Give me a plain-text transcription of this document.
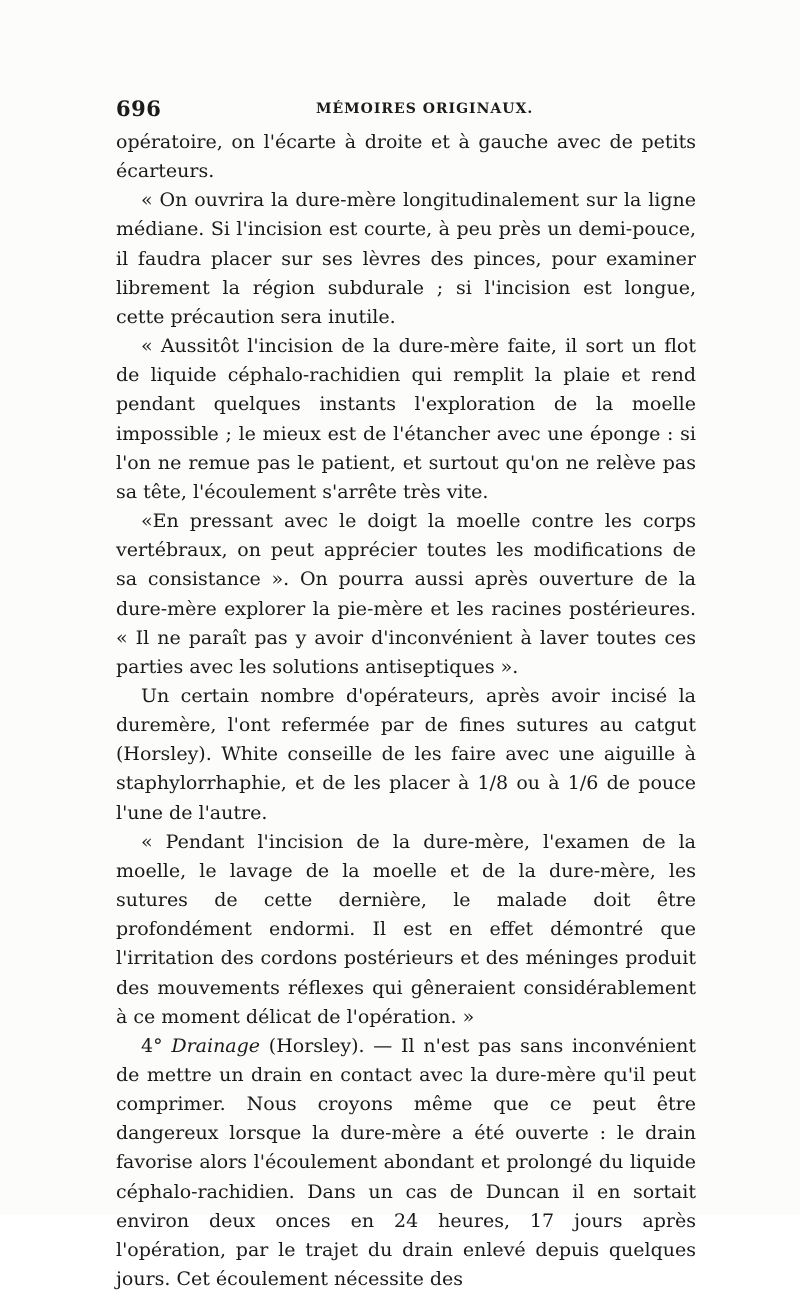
696	MÉMOIRES ORIGINAUX.

opératoire, on l'écarte à droite et à gauche avec de petits écarteurs.

« On ouvrira la dure-mère longitudinalement sur la ligne médiane. Si l'incision est courte, à peu près un demi-pouce, il faudra placer sur ses lèvres des pinces, pour examiner librement la région subdurale ; si l'incision est longue, cette précaution sera inutile.

« Aussitôt l'incision de la dure-mère faite, il sort un flot de liquide céphalo-rachidien qui remplit la plaie et rend pendant quelques instants l'exploration de la moelle impossible ; le mieux est de l'étancher avec une éponge : si l'on ne remue pas le patient, et surtout qu'on ne relève pas sa tête, l'écoulement s'arrête très vite.

«En pressant avec le doigt la moelle contre les corps vertébraux, on peut apprécier toutes les modifications de sa consistance ». On pourra aussi après ouverture de la dure-mère explorer la pie-mère et les racines postérieures. « Il ne paraît pas y avoir d'inconvénient à laver toutes ces parties avec les solutions antiseptiques ».

Un certain nombre d'opérateurs, après avoir incisé la duremère, l'ont refermée par de fines sutures au catgut (Horsley). White conseille de les faire avec une aiguille à staphylorrhaphie, et de les placer à 1/8 ou à 1/6 de pouce l'une de l'autre.

« Pendant l'incision de la dure-mère, l'examen de la moelle, le lavage de la moelle et de la dure-mère, les sutures de cette dernière, le malade doit être profondément endormi. Il est en effet démontré que l'irritation des cordons postérieurs et des méninges produit des mouvements réflexes qui gêneraient considérablement à ce moment délicat de l'opération. »

4° Drainage (Horsley). — Il n'est pas sans inconvénient de mettre un drain en contact avec la dure-mère qu'il peut comprimer. Nous croyons même que ce peut être dangereux lorsque la dure-mère a été ouverte : le drain favorise alors l'écoulement abondant et prolongé du liquide céphalo-rachidien. Dans un cas de Duncan il en sortait environ deux onces en 24 heures, 17 jours après l'opération, par le trajet du drain enlevé depuis quelques jours. Cet écoulement nécessite des
